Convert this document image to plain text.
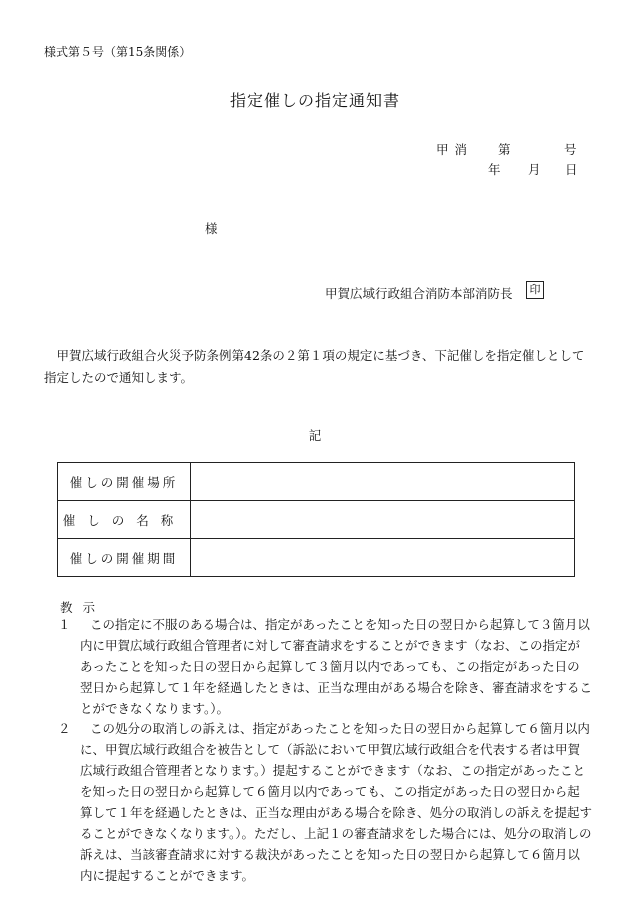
様式第５号（第15条関係）
指定催しの指定通知書
甲消 第	号
年 月 日
様
甲賀広域行政組合消防本部消防長	印
甲賀広域行政組合火災予防条例第42条の２第１項の規定に基づき、下記催しを指定催しとして指定したので通知します。
記
催しの開催場所	
催しの名称	
催しの開催期間	
教示
１	この指定に不服のある場合は、指定があったことを知った日の翌日から起算して３箇月以内に甲賀広域行政組合管理者に対して審査請求をすることができます（なお、この指定があったことを知った日の翌日から起算して３箇月以内であっても、この指定があった日の翌日から起算して１年を経過したときは、正当な理由がある場合を除き、審査請求をすることができなくなります。）。
２	この処分の取消しの訴えは、指定があったことを知った日の翌日から起算して６箇月以内に、甲賀広域行政組合を被告として（訴訟において甲賀広域行政組合を代表する者は甲賀広域行政組合管理者となります。）提起することができます（なお、この指定があったことを知った日の翌日から起算して６箇月以内であっても、この指定があった日の翌日から起算して１年を経過したときは、正当な理由がある場合を除き、処分の取消しの訴えを提起することができなくなります。）。ただし、上記１の審査請求をした場合には、処分の取消しの訴えは、当該審査請求に対する裁決があったことを知った日の翌日から起算して６箇月以内に提起することができます。
